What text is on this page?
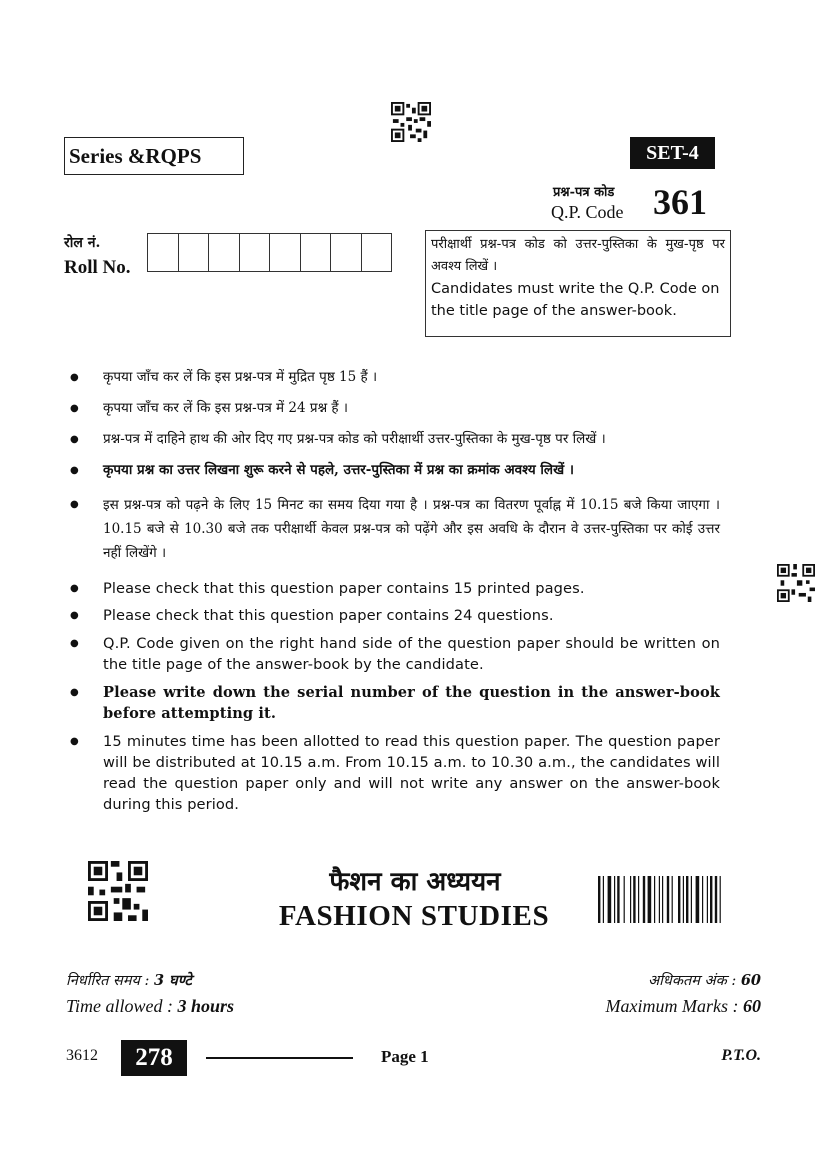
Series &RQPS	SET-4
प्रश्न-पत्र कोड
Q.P. Code 361
रोल नं.
Roll No.
परीक्षार्थी प्रश्न-पत्र कोड को उत्तर-पुस्तिका के मुख-पृष्ठ पर अवश्य लिखें ।
Candidates must write the Q.P. Code on the title page of the answer-book.
● कृपया जाँच कर लें कि इस प्रश्न-पत्र में मुद्रित पृष्ठ 15 हैं ।
● कृपया जाँच कर लें कि इस प्रश्न-पत्र में 24 प्रश्न हैं ।
● प्रश्न-पत्र में दाहिने हाथ की ओर दिए गए प्रश्न-पत्र कोड को परीक्षार्थी उत्तर-पुस्तिका के मुख-पृष्ठ पर लिखें ।
● कृपया प्रश्न का उत्तर लिखना शुरू करने से पहले, उत्तर-पुस्तिका में प्रश्न का क्रमांक अवश्य लिखें ।
● इस प्रश्न-पत्र को पढ़ने के लिए 15 मिनट का समय दिया गया है । प्रश्न-पत्र का वितरण पूर्वाह्न में 10.15 बजे किया जाएगा । 10.15 बजे से 10.30 बजे तक परीक्षार्थी केवल प्रश्न-पत्र को पढ़ेंगे और इस अवधि के दौरान वे उत्तर-पुस्तिका पर कोई उत्तर नहीं लिखेंगे ।
● Please check that this question paper contains 15 printed pages.
● Please check that this question paper contains 24 questions.
● Q.P. Code given on the right hand side of the question paper should be written on the title page of the answer-book by the candidate.
● Please write down the serial number of the question in the answer-book before attempting it.
● 15 minutes time has been allotted to read this question paper. The question paper will be distributed at 10.15 a.m. From 10.15 a.m. to 10.30 a.m., the candidates will read the question paper only and will not write any answer on the answer-book during this period.
फैशन का अध्ययन
FASHION STUDIES
निर्धारित समय : 3 घण्टे
Time allowed : 3 hours
अधिकतम अंक : 60
Maximum Marks : 60
3612	278	Page 1	P.T.O.
